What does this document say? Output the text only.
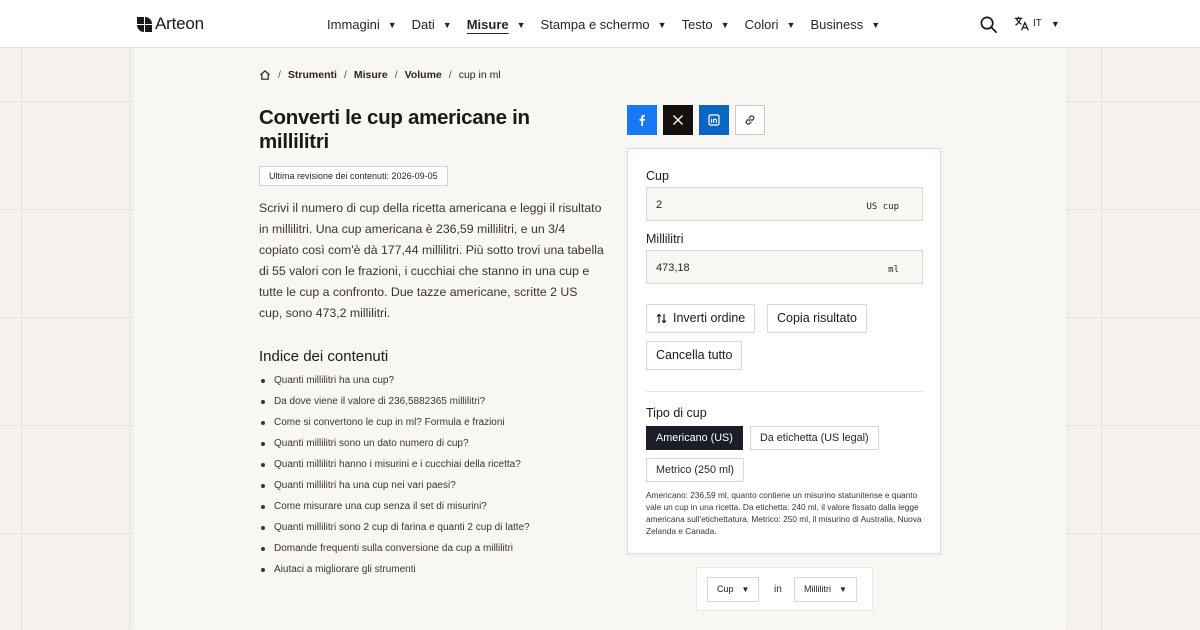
Arteon	Immagini ▼ Dati ▼ Misure ▼ Stampa e schermo ▼ Testo ▼ Colori ▼ Business ▼	IT ▼
/ Strumenti / Misure / Volume / cup in ml
Converti le cup americane in millilitri
Ultima revisione dei contenuti: 2026-09-05

Scrivi il numero di cup della ricetta americana e leggi il risultato in millilitri. Una cup americana è 236,59 millilitri, e un 3/4 copiato così com'è dà 177,44 millilitri. Più sotto trovi una tabella di 55 valori con le frazioni, i cucchiai che stanno in una cup e tutte le cup a confronto. Due tazze americane, scritte 2 US cup, sono 473,2 millilitri.

Indice dei contenuti
Quanti millilitri ha una cup?
Da dove viene il valore di 236,5882365 millilitri?
Come si convertono le cup in ml? Formula e frazioni
Quanti millilitri sono un dato numero di cup?
Quanti millilitri hanno i misurini e i cucchiai della ricetta?
Quanti millilitri ha una cup nei vari paesi?
Come misurare una cup senza il set di misurini?
Quanti millilitri sono 2 cup di farina e quanti 2 cup di latte?
Domande frequenti sulla conversione da cup a millilitri
Aiutaci a migliorare gli strumenti
Cup
2	US cup
Millilitri
473,18	ml
Inverti ordine	Copia risultato
Cancella tutto
Tipo di cup
Americano (US)	Da etichetta (US legal)
Metrico (250 ml)

Americano: 236,59 ml, quanto contiene un misurino statunitense e quanto vale un cup in una ricetta. Da etichetta: 240 ml, il valore fissato dalla legge americana sull'etichettatura. Metrico: 250 ml, il misurino di Australia, Nuova Zelanda e Canada.

Cup ▼	in	Millilitri ▼
